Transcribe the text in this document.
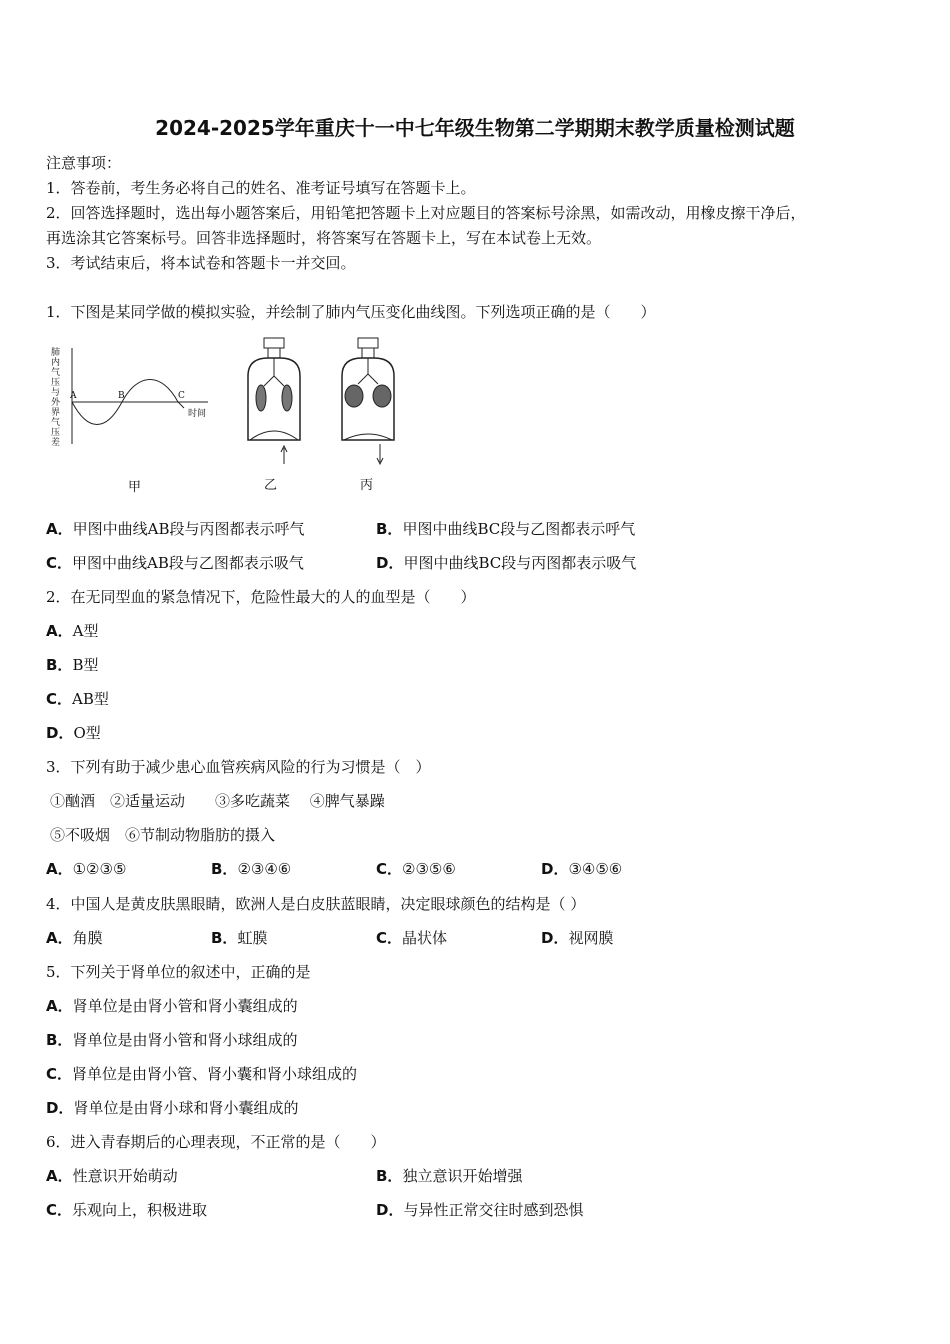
2024-2025学年重庆十一中七年级生物第二学期期末教学质量检测试题
注意事项：
1．答卷前，考生务必将自己的姓名、准考证号填写在答题卡上。
2．回答选择题时，选出每小题答案后，用铅笔把答题卡上对应题目的答案标号涂黑，如需改动，用橡皮擦干净后，
再选涂其它答案标号。回答非选择题时，将答案写在答题卡上，写在本试卷上无效。
3．考试结束后，将本试卷和答题卡一并交回。
1．下图是某同学做的模拟实验，并绘制了肺内气压变化曲线图。下列选项正确的是（　　）
肺内气压与外界气压差
A	B	C
时间
甲	乙	丙
A．甲图中曲线AB段与丙图都表示呼气	B．甲图中曲线BC段与乙图都表示呼气
C．甲图中曲线AB段与乙图都表示吸气	D．甲图中曲线BC段与丙图都表示吸气
2．在无同型血的紧急情况下，危险性最大的人的血型是（　　）
A．A型
B．B型
C．AB型
D．O型
3．下列有助于减少患心血管疾病风险的行为习惯是（　）
①酗酒　②适量运动　　③多吃蔬菜　 ④脾气暴躁
⑤不吸烟　⑥节制动物脂肪的摄入
A．①②③⑤	B．②③④⑥	C．②③⑤⑥	D．③④⑤⑥
4．中国人是黄皮肤黑眼睛，欧洲人是白皮肤蓝眼睛，决定眼球颜色的结构是（ ）
A．角膜	B．虹膜	C．晶状体	D．视网膜
5．下列关于肾单位的叙述中，正确的是
A．肾单位是由肾小管和肾小囊组成的
B．肾单位是由肾小管和肾小球组成的
C．肾单位是由肾小管、肾小囊和肾小球组成的
D．肾单位是由肾小球和肾小囊组成的
6．进入青春期后的心理表现，不正常的是（　　）
A．性意识开始萌动	B．独立意识开始增强
C．乐观向上，积极进取	D．与异性正常交往时感到恐惧
